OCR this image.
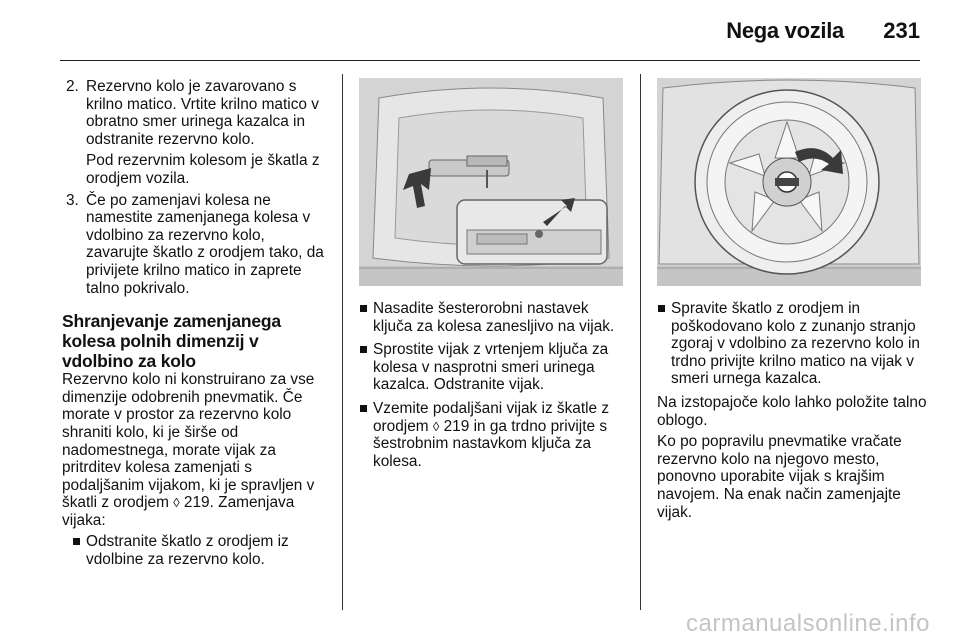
Nega vozila 231
2. Rezervno kolo je zavarovano s krilno matico. Vrtite krilno matico v obratno smer urinega kazalca in odstranite rezervno kolo.
Pod rezervnim kolesom je škatla z orodjem vozila.
3. Če po zamenjavi kolesa ne namestite zamenjanega kolesa v vdolbino za rezervno kolo, zavarujte škatlo z orodjem tako, da privijete krilno matico in zaprete talno pokrivalo.
Shranjevanje zamenjanega kolesa polnih dimenzij v vdolbino za kolo
Rezervno kolo ni konstruirano za vse dimenzije odobrenih pnevmatik. Če morate v prostor za rezervno kolo shraniti kolo, ki je širše od nadomestnega, morate vijak za pritrditev kolesa zamenjati s podaljšanim vijakom, ki je spravljen v škatli z orodjem ◊ 219. Zamenjava vijaka:
Odstranite škatlo z orodjem iz vdolbine za rezervno kolo.
Nasadite šesterorobni nastavek ključa za kolesa zanesljivo na vijak.
Sprostite vijak z vrtenjem ključa za kolesa v nasprotni smeri urinega kazalca. Odstranite vijak.
Vzemite podaljšani vijak iz škatle z orodjem ◊ 219 in ga trdno privijte s šestrobnim nastavkom ključa za kolesa.
Spravite škatlo z orodjem in poškodovano kolo z zunanjo stranjo zgoraj v vdolbino za rezervno kolo in trdno privijte krilno matico na vijak v smeri urnega kazalca.
Na izstopajoče kolo lahko položite talno oblogo.
Ko po popravilu pnevmatike vračate rezervno kolo na njegovo mesto, ponovno uporabite vijak s krajšim navojem. Na enak način zamenjajte vijak.
carmanualsonline.info
